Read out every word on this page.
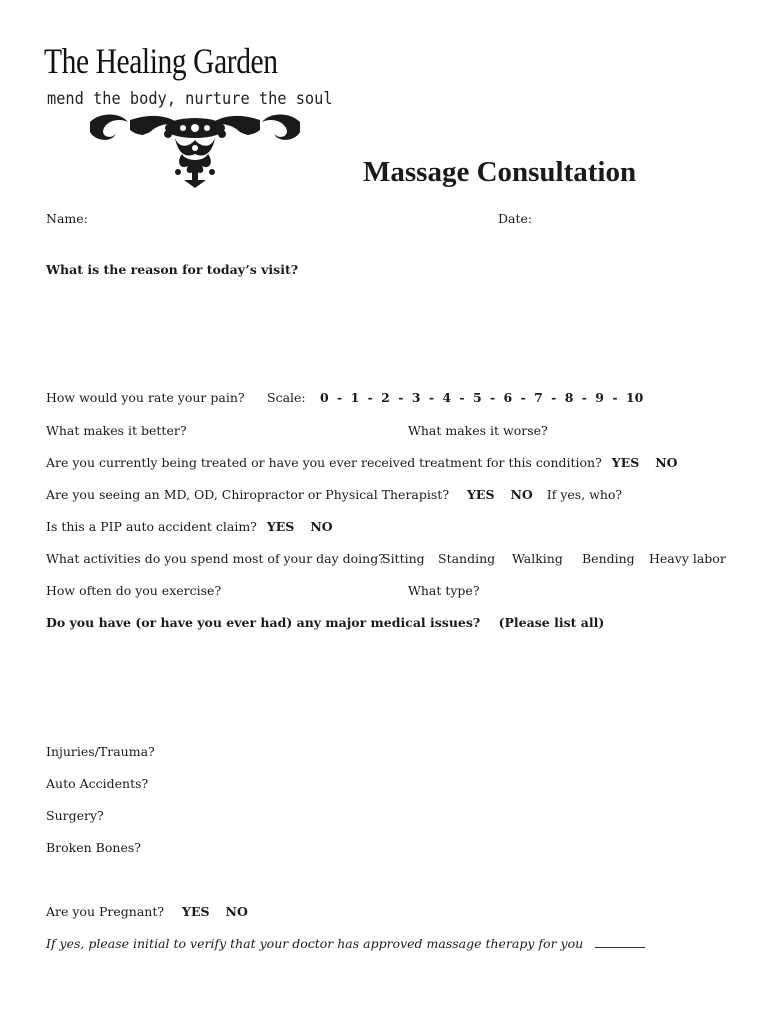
The Healing Garden
mend the body, nurture the soul
Massage Consultation
Name:	Date:
What is the reason for today’s visit?
How would you rate your pain? Scale: 0 - 1 - 2 - 3 - 4 - 5 - 6 - 7 - 8 - 9 - 10
What makes it better?	What makes it worse?
Are you currently being treated or have you ever received treatment for this condition? YES NO
Are you seeing an MD, OD, Chiropractor or Physical Therapist? YES NO If yes, who?
Is this a PIP auto accident claim? YES NO
What activities do you spend most of your day doing?
Sitting Standing Walking Bending Heavy labor
How often do you exercise?	What type?
Do you have (or have you ever had) any major medical issues? (Please list all)
Injuries/Trauma?
Auto Accidents?
Surgery?
Broken Bones?
Are you Pregnant? YES NO
If yes, please initial to verify that your doctor has approved massage therapy for you
